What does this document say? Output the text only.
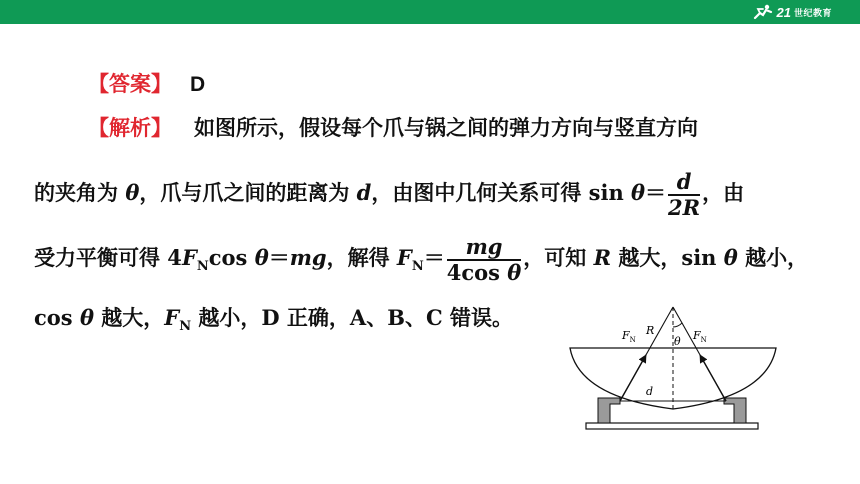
21 世纪教育
【答案】 D
【解析】 如图所示，假设每个爪与锅之间的弹力方向与竖直方向
的夹角为 θ，爪与爪之间的距离为 d，由图中几何关系可得 $\sin \theta= \frac{d}{2R}$ ，由
受力平衡可得 $4F_N\cos$ θ＝mg，解得 $F_N= \frac{mg}{\text{4cos θ}}$ ，可知 R 越大，sin θ 越小，
cos θ 越大，$F_N$ 越小，D 正确，A、B、C 错误。
$F_N$
R
θ $F_N$
d
